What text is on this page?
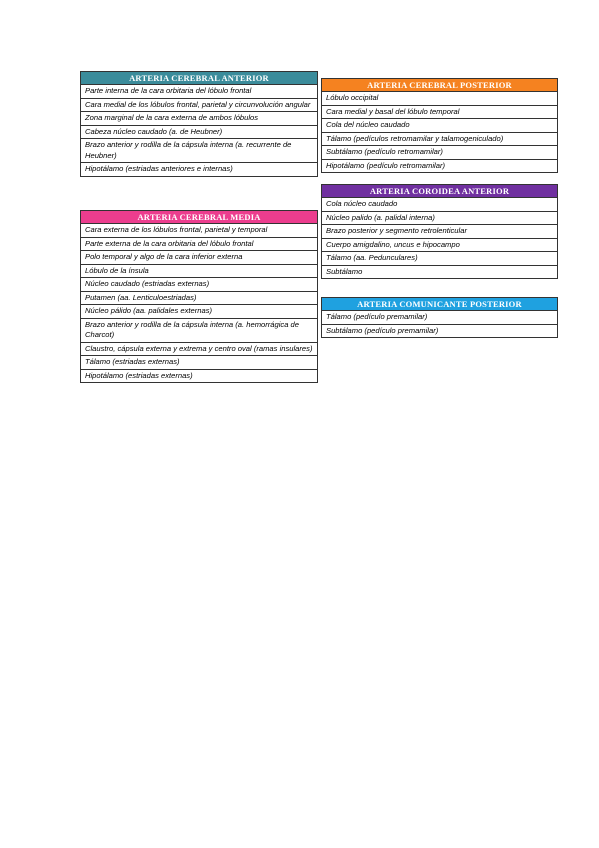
ARTERIA CEREBRAL ANTERIOR
Parte interna de la cara orbitaria del lóbulo frontal
Cara medial de los lóbulos frontal, parietal y circunvolución angular
Zona marginal de la cara externa de ambos lóbulos
Cabeza núcleo caudado (a. de Heubner)
Brazo anterior y rodilla de la cápsula interna (a. recurrente de Heubner)
Hipotálamo (estriadas anteriores e internas)
ARTERIA CEREBRAL MEDIA
Cara externa de los lóbulos frontal, parietal y temporal
Parte externa de la cara orbitaria del lóbulo frontal
Polo temporal y algo de la cara inferior externa
Lóbulo de la ínsula
Núcleo caudado (estriadas externas)
Putamen (aa. Lenticuloestriadas)
Núcleo pálido (aa. palidales externas)
Brazo anterior y rodilla de la cápsula interna (a. hemorrágica de Charcot)
Claustro, cápsula externa y extrema y centro oval (ramas insulares)
Tálamo (estriadas externas)
Hipotálamo (estriadas externas)
ARTERIA CEREBRAL POSTERIOR
Lóbulo occipital
Cara medial y basal del lóbulo temporal
Cola del núcleo caudado
Tálamo (pedículos retromamilar y talamogeniculado)
Subtálamo (pedículo retromamilar)
Hipotálamo (pedículo retromamilar)
ARTERIA COROIDEA ANTERIOR
Cola núcleo caudado
Núcleo palido (a. palidal interna)
Brazo posterior y segmento retrolenticular
Cuerpo amigdalino, uncus e hipocampo
Tálamo (aa. Pedunculares)
Subtálamo
ARTERIA COMUNICANTE POSTERIOR
Tálamo (pedículo premamilar)
Subtálamo (pedículo premamilar)
